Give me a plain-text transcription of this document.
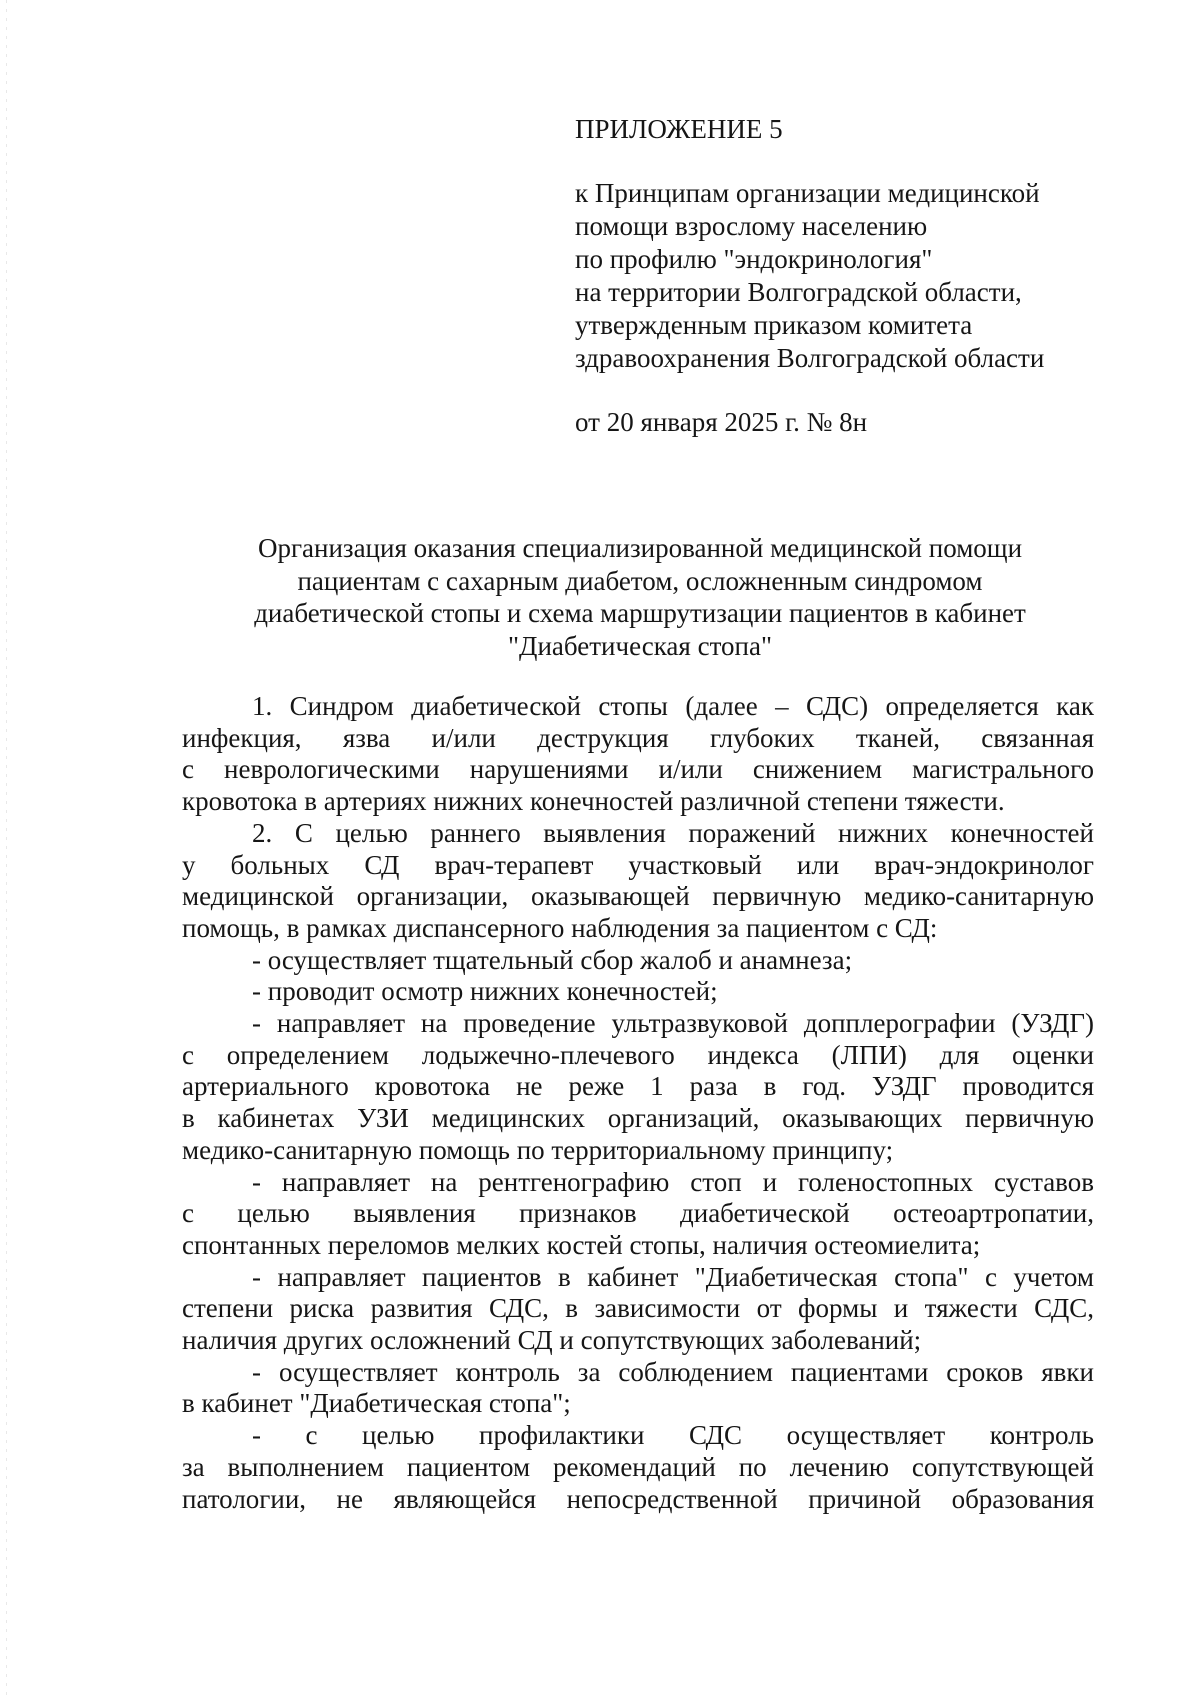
ПРИЛОЖЕНИЕ 5
к Принципам организации медицинской
помощи взрослому населению
по профилю "эндокринология"
на территории Волгоградской области,
утвержденным приказом комитета
здравоохранения Волгоградской области
от 20 января 2025 г. № 8н
Организация оказания специализированной медицинской помощи
пациентам с сахарным диабетом, осложненным синдромом
диабетической стопы и схема маршрутизации пациентов в кабинет
"Диабетическая стопа"
1. Синдром диабетической стопы (далее – СДС) определяется как
инфекция, язва и/или деструкция глубоких тканей, связанная
с неврологическими нарушениями и/или снижением магистрального
кровотока в артериях нижних конечностей различной степени тяжести.
2. С целью раннего выявления поражений нижних конечностей
у больных СД врач-терапевт участковый или врач-эндокринолог
медицинской организации, оказывающей первичную медико-санитарную
помощь, в рамках диспансерного наблюдения за пациентом с СД:
- осуществляет тщательный сбор жалоб и анамнеза;
- проводит осмотр нижних конечностей;
- направляет на проведение ультразвуковой допплерографии (УЗДГ)
с определением лодыжечно-плечевого индекса (ЛПИ) для оценки
артериального кровотока не реже 1 раза в год. УЗДГ проводится
в кабинетах УЗИ медицинских организаций, оказывающих первичную
медико-санитарную помощь по территориальному принципу;
- направляет на рентгенографию стоп и голеностопных суставов
с целью выявления признаков диабетической остеоартропатии,
спонтанных переломов мелких костей стопы, наличия остеомиелита;
- направляет пациентов в кабинет "Диабетическая стопа" с учетом
степени риска развития СДС, в зависимости от формы и тяжести СДС,
наличия других осложнений СД и сопутствующих заболеваний;
- осуществляет контроль за соблюдением пациентами сроков явки
в кабинет "Диабетическая стопа";
- с целью профилактики СДС осуществляет контроль
за выполнением пациентом рекомендаций по лечению сопутствующей
патологии, не являющейся непосредственной причиной образования
